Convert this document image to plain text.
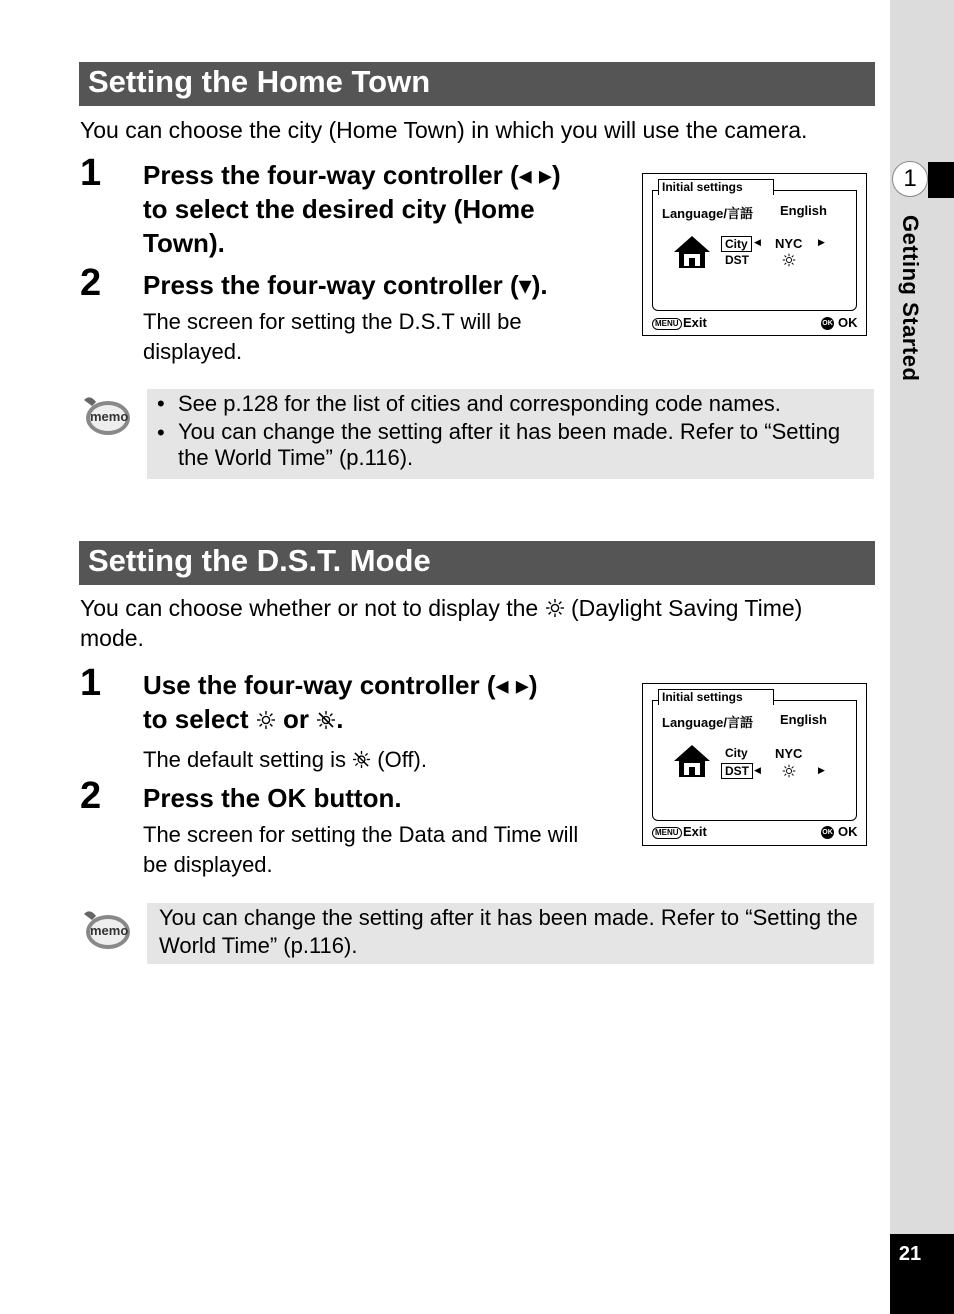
1
Getting Started
21
Setting the Home Town
You can choose the city (Home Town) in which you will use the camera.
1 Press the four-way controller (◂ ▸)
to select the desired city (Home
Town).
2 Press the four-way controller (▾).
The screen for setting the D.S.T will be
displayed.
Initial settings
Language/言語 English
City ◀ NYC ▶
DST
MENU Exit	OK OK
memo
• See p.128 for the list of cities and corresponding code names.
• You can change the setting after it has been made. Refer to “Setting
the World Time” (p.116).
Setting the D.S.T. Mode
You can choose whether or not to display the (Daylight Saving Time)
mode.
1 Use the four-way controller (◂ ▸)
to select or .
The default setting is (Off).
2 Press the OK button.
The screen for setting the Data and Time will
be displayed.
Initial settings
Language/言語 English
City NYC
DST ◀	▶
MENU Exit	OK OK
memo
You can change the setting after it has been made. Refer to “Setting the
World Time” (p.116).
